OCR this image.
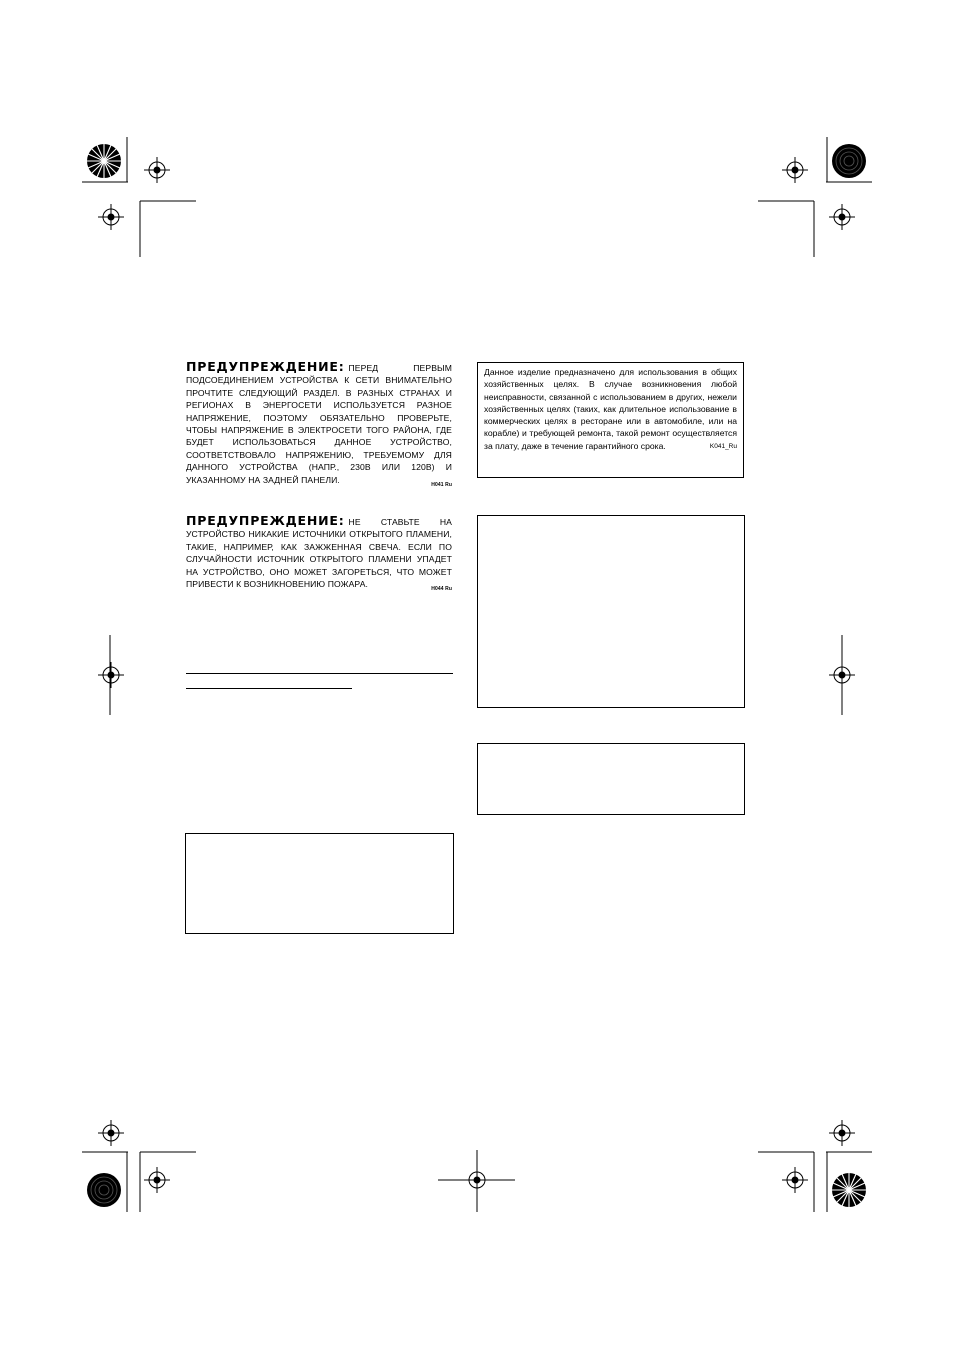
ПРЕДУПРЕЖДЕНИЕ: ПЕРЕД ПЕРВЫМ ПОДСОЕДИНЕНИЕМ УСТРОЙСТВА К СЕТИ ВНИМАТЕЛЬНО ПРОЧТИТЕ СЛЕДУЮЩИЙ РАЗДЕЛ. В РАЗНЫХ СТРАНАХ И РЕГИОНАХ В ЭНЕРГОСЕТИ ИСПОЛЬЗУЕТСЯ РАЗНОЕ НАПРЯЖЕНИЕ, ПОЭТОМУ ОБЯЗАТЕЛЬНО ПРОВЕРЬТЕ, ЧТОБЫ НАПРЯЖЕНИЕ В ЭЛЕКТРОСЕТИ ТОГО РАЙОНА, ГДЕ БУДЕТ ИСПОЛЬЗОВАТЬСЯ ДАННОЕ УСТРОЙСТВО, СООТВЕТСТВОВАЛО НАПРЯЖЕНИЮ, ТРЕБУЕМОМУ ДЛЯ ДАННОГО УСТРОЙСТВА (НАПР., 230В ИЛИ 120В) И УКАЗАННОМУ НА ЗАДНЕЙ ПАНЕЛИ.
H041 Ru
ПРЕДУПРЕЖДЕНИЕ: НЕ СТАВЬТЕ НА УСТРОЙСТВО НИКАКИЕ ИСТОЧНИКИ ОТКРЫТОГО ПЛАМЕНИ, ТАКИЕ, НАПРИМЕР, КАК ЗАЖЖЕННАЯ СВЕЧА. ЕСЛИ ПО СЛУЧАЙНОСТИ ИСТОЧНИК ОТКРЫТОГО ПЛАМЕНИ УПАДЕТ НА УСТРОЙСТВО, ОНО МОЖЕТ ЗАГОРЕТЬСЯ, ЧТО МОЖЕТ ПРИВЕСТИ К ВОЗНИКНОВЕНИЮ ПОЖАРА.
H044 Ru
Данное изделие предназначено для использования в общих хозяйственных целях. В случае возникновения любой неисправности, связанной с использованием в других, нежели хозяйственных целях (таких, как длительное использование в коммерческих целях в ресторане или в автомобиле, или на корабле) и требующей ремонта, такой ремонт осуществляется за плату, даже в течение гарантийного срока.	K041_Ru
